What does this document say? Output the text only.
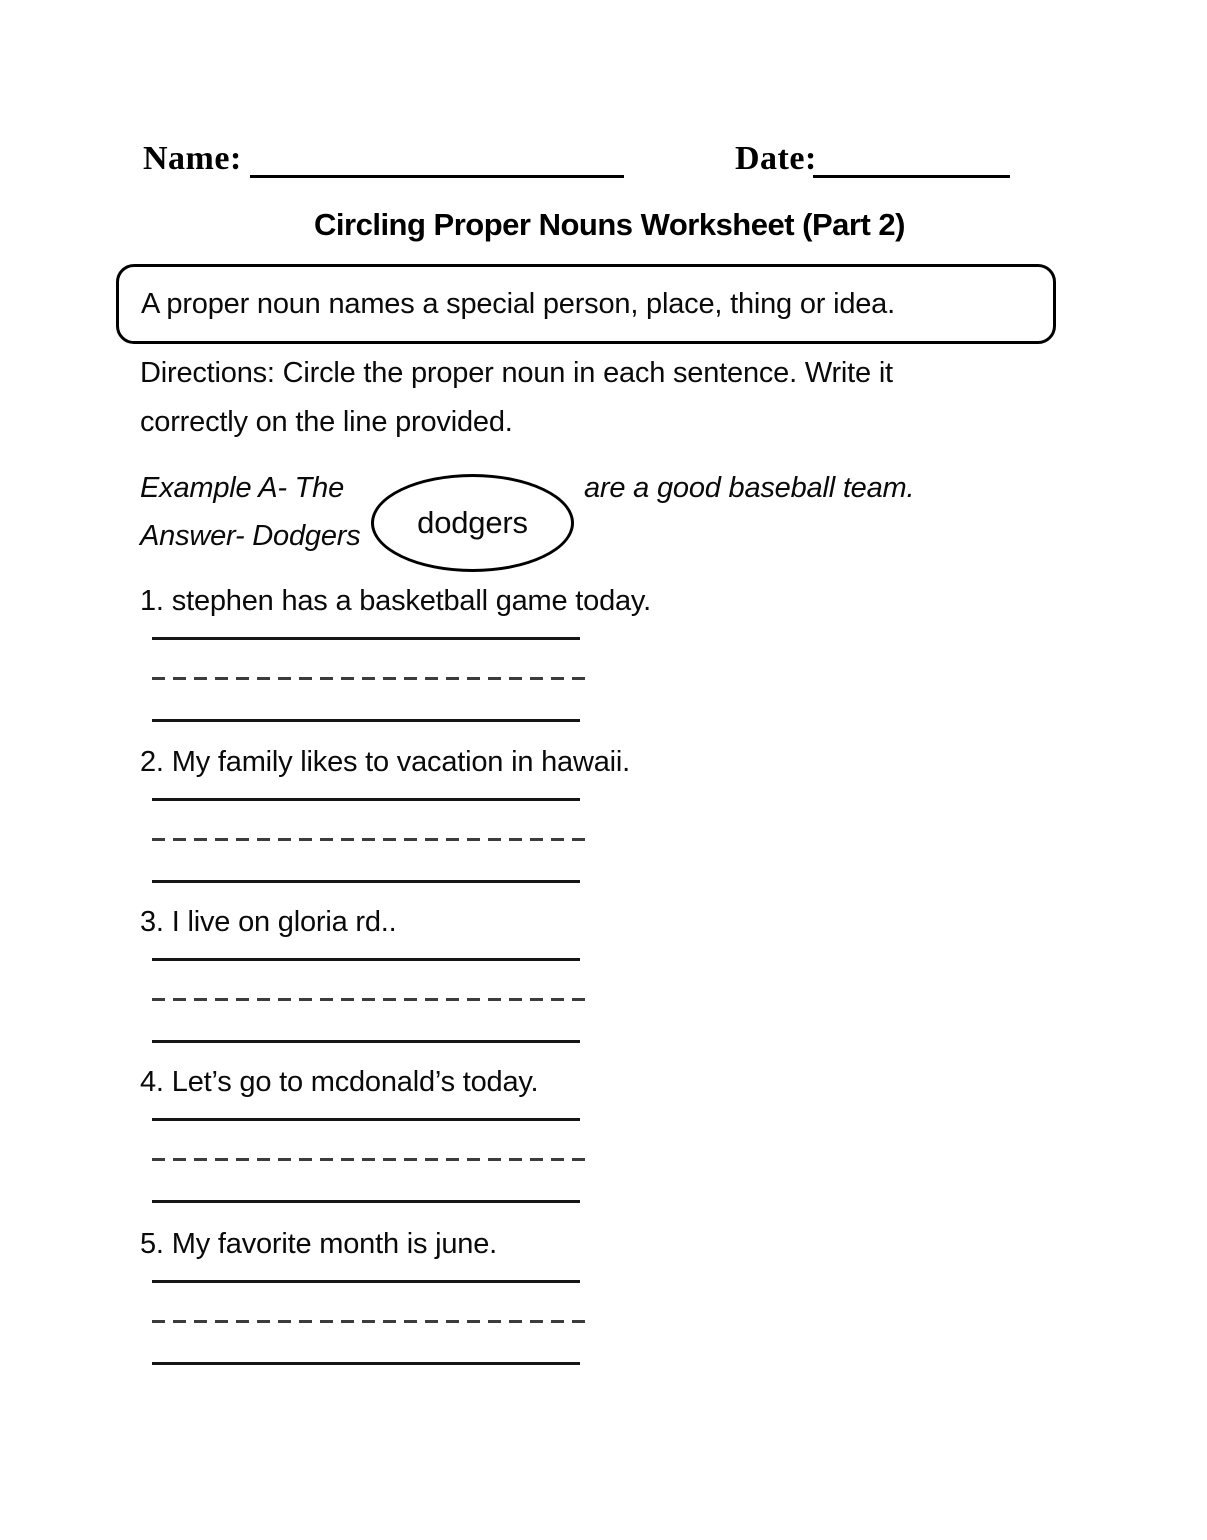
Name:	Date:
Circling Proper Nouns Worksheet (Part 2)
A proper noun names a special person, place, thing or idea.
Directions: Circle the proper noun in each sentence. Write it
correctly on the line provided.
Example A- The	are a good baseball team.
Answer- Dodgers	dodgers
1. stephen has a basketball game today.
2. My family likes to vacation in hawaii.
3. I live on gloria rd..
4. Let’s go to mcdonald’s today.
5. My favorite month is june.
